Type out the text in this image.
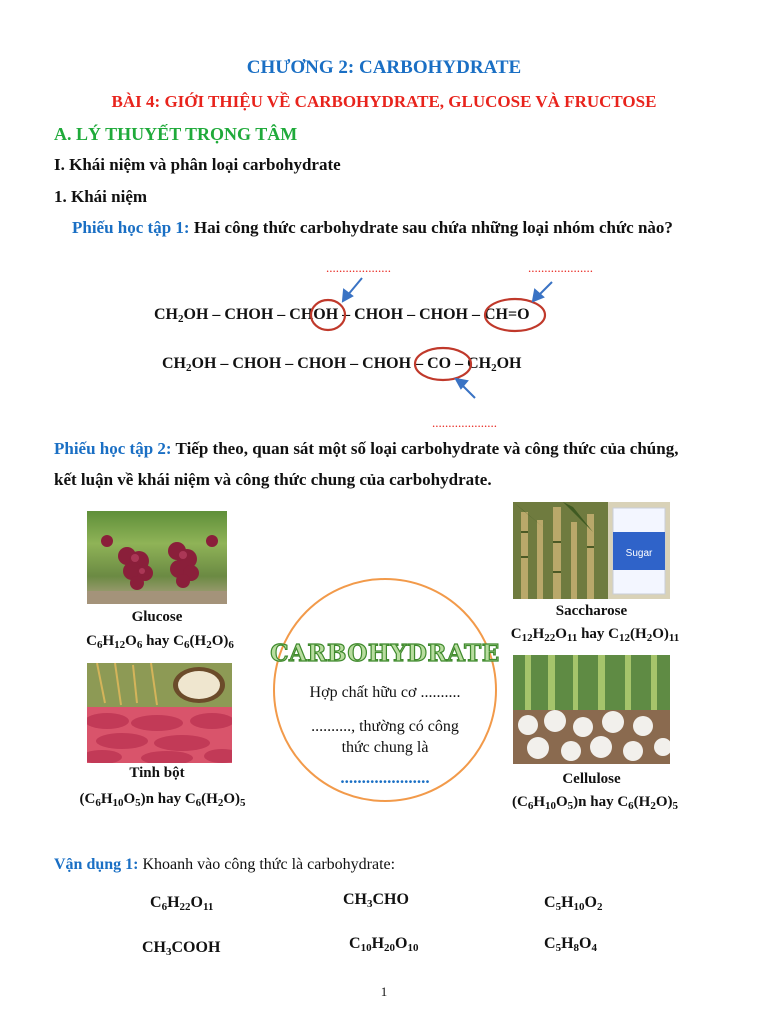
CHƯƠNG 2: CARBOHYDRATE
BÀI 4: GIỚI THIỆU VỀ CARBOHYDRATE, GLUCOSE VÀ FRUCTOSE
A. LÝ THUYẾT TRỌNG TÂM
I. Khái niệm và phân loại carbohydrate
1. Khái niệm
Phiếu học tập 1: Hai công thức carbohydrate sau chứa những loại nhóm chức nào?
....................	....................
....................
$CH_2OH$ – CHOH – CHOH – CHOH – CHOH – CH=O
$CH_2OH$ – CHOH – CHOH – CHOH – CO – $CH_2OH$
Phiếu học tập 2: Tiếp theo, quan sát một số loại carbohydrate và công thức của chúng,
kết luận về khái niệm và công thức chung của carbohydrate.
Glucose
$C_6H_{12}O_6$ hay $C_6(H_2O)_6$
Sugar
Saccharose
$C_{12}H_{22}O_{11}$ hay $C_{12}(H_2O)_{11}$
Tinh bột
$(C_6H_{10}O_5)n$ hay $C_6(H_2O)_5$
Cellulose
$(C_6H_{10}O_5)n$ hay $C_6(H_2O)_5$
CARBOHYDRATE
Hợp chất hữu cơ ..........
.........., thường có công
thức chung là
.....................
Vận dụng 1: Khoanh vào công thức là carbohydrate:
$C_6H_{22}O_{11}$	$CH_3CHO$	$C_5H_{10}O_2$
$CH_3COOH$	$C_{10}H_{20}O_{10}$	$C_5H_8O_4$
1
